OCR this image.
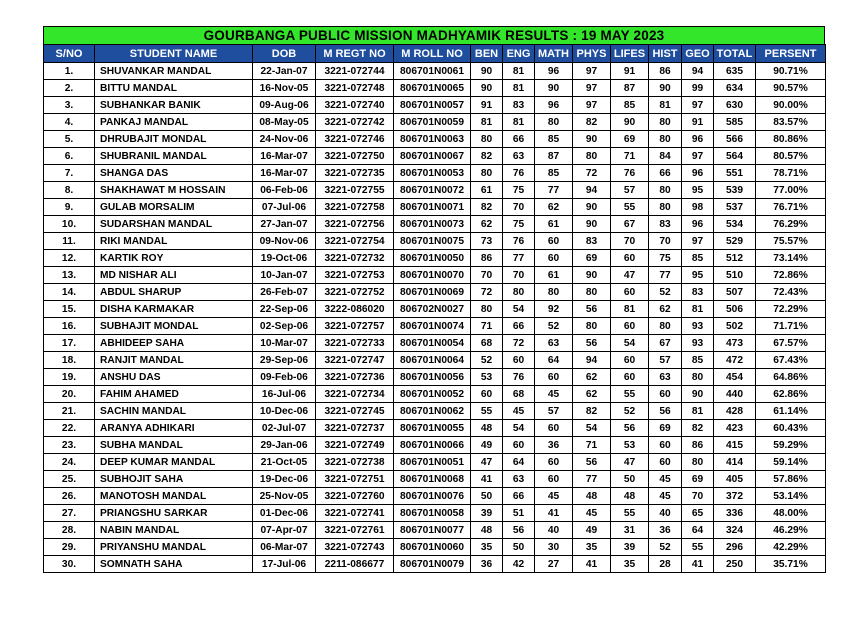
GOURBANGA PUBLIC MISSION MADHYAMIK RESULTS : 19 MAY 2023
S/NO	STUDENT NAME	DOB	M REGT NO	M ROLL NO	BEN	ENG	MATH	PHYS	LIFES	HIST	GEO	TOTAL	PERSENT
1.	SHUVANKAR MANDAL	22-Jan-07	3221-072744	806701N0061	90	81	96	97	91	86	94	635	90.71%
2.	BITTU MANDAL	16-Nov-05	3221-072748	806701N0065	90	81	90	97	87	90	99	634	90.57%
3.	SUBHANKAR BANIK	09-Aug-06	3221-072740	806701N0057	91	83	96	97	85	81	97	630	90.00%
4.	PANKAJ MANDAL	08-May-05	3221-072742	806701N0059	81	81	80	82	90	80	91	585	83.57%
5.	DHRUBAJIT MONDAL	24-Nov-06	3221-072746	806701N0063	80	66	85	90	69	80	96	566	80.86%
6.	SHUBRANIL MANDAL	16-Mar-07	3221-072750	806701N0067	82	63	87	80	71	84	97	564	80.57%
7.	SHANGA DAS	16-Mar-07	3221-072735	806701N0053	80	76	85	72	76	66	96	551	78.71%
8.	SHAKHAWAT M HOSSAIN	06-Feb-06	3221-072755	806701N0072	61	75	77	94	57	80	95	539	77.00%
9.	GULAB MORSALIM	07-Jul-06	3221-072758	806701N0071	82	70	62	90	55	80	98	537	76.71%
10.	SUDARSHAN MANDAL	27-Jan-07	3221-072756	806701N0073	62	75	61	90	67	83	96	534	76.29%
11.	RIKI MANDAL	09-Nov-06	3221-072754	806701N0075	73	76	60	83	70	70	97	529	75.57%
12.	KARTIK ROY	19-Oct-06	3221-072732	806701N0050	86	77	60	69	60	75	85	512	73.14%
13.	MD NISHAR ALI	10-Jan-07	3221-072753	806701N0070	70	70	61	90	47	77	95	510	72.86%
14.	ABDUL SHARUP	26-Feb-07	3221-072752	806701N0069	72	80	80	80	60	52	83	507	72.43%
15.	DISHA KARMAKAR	22-Sep-06	3222-086020	806702N0027	80	54	92	56	81	62	81	506	72.29%
16.	SUBHAJIT MONDAL	02-Sep-06	3221-072757	806701N0074	71	66	52	80	60	80	93	502	71.71%
17.	ABHIDEEP SAHA	10-Mar-07	3221-072733	806701N0054	68	72	63	56	54	67	93	473	67.57%
18.	RANJIT MANDAL	29-Sep-06	3221-072747	806701N0064	52	60	64	94	60	57	85	472	67.43%
19.	ANSHU DAS	09-Feb-06	3221-072736	806701N0056	53	76	60	62	60	63	80	454	64.86%
20.	FAHIM AHAMED	16-Jul-06	3221-072734	806701N0052	60	68	45	62	55	60	90	440	62.86%
21.	SACHIN MANDAL	10-Dec-06	3221-072745	806701N0062	55	45	57	82	52	56	81	428	61.14%
22.	ARANYA ADHIKARI	02-Jul-07	3221-072737	806701N0055	48	54	60	54	56	69	82	423	60.43%
23.	SUBHA MANDAL	29-Jan-06	3221-072749	806701N0066	49	60	36	71	53	60	86	415	59.29%
24.	DEEP KUMAR MANDAL	21-Oct-05	3221-072738	806701N0051	47	64	60	56	47	60	80	414	59.14%
25.	SUBHOJIT SAHA	19-Dec-06	3221-072751	806701N0068	41	63	60	77	50	45	69	405	57.86%
26.	MANOTOSH MANDAL	25-Nov-05	3221-072760	806701N0076	50	66	45	48	48	45	70	372	53.14%
27.	PRIANGSHU SARKAR	01-Dec-06	3221-072741	806701N0058	39	51	41	45	55	40	65	336	48.00%
28.	NABIN MANDAL	07-Apr-07	3221-072761	806701N0077	48	56	40	49	31	36	64	324	46.29%
29.	PRIYANSHU MANDAL	06-Mar-07	3221-072743	806701N0060	35	50	30	35	39	52	55	296	42.29%
30.	SOMNATH SAHA	17-Jul-06	2211-086677	806701N0079	36	42	27	41	35	28	41	250	35.71%
